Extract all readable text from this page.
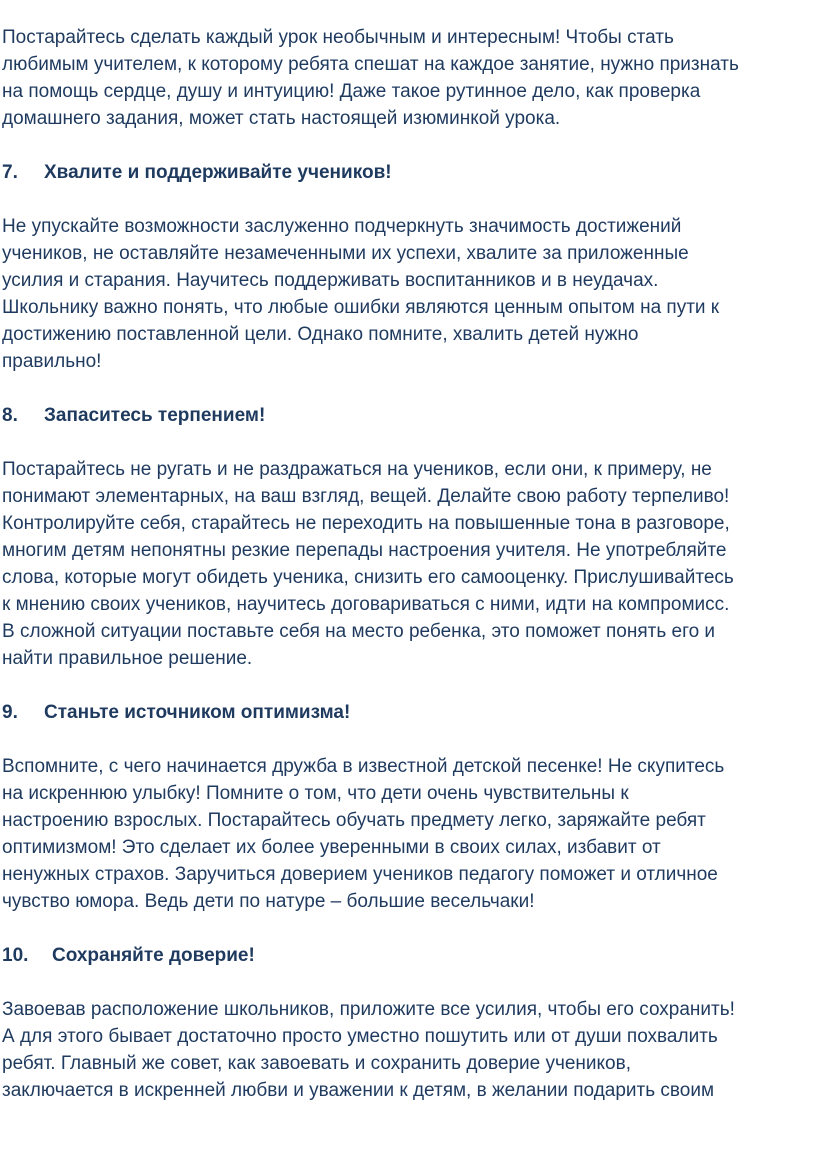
Постарайтесь сделать каждый урок необычным и интересным! Чтобы стать
любимым учителем, к которому ребята спешат на каждое занятие, нужно признать
на помощь сердце, душу и интуицию! Даже такое рутинное дело, как проверка
домашнего задания, может стать настоящей изюминкой урока.
7. Хвалите и поддерживайте учеников!
Не упускайте возможности заслуженно подчеркнуть значимость достижений
учеников, не оставляйте незамеченными их успехи, хвалите за приложенные
усилия и старания. Научитесь поддерживать воспитанников и в неудачах.
Школьнику важно понять, что любые ошибки являются ценным опытом на пути к
достижению поставленной цели. Однако помните, хвалить детей нужно
правильно!
8. Запаситесь терпением!
Постарайтесь не ругать и не раздражаться на учеников, если они, к примеру, не
понимают элементарных, на ваш взгляд, вещей. Делайте свою работу терпеливо!
Контролируйте себя, старайтесь не переходить на повышенные тона в разговоре,
многим детям непонятны резкие перепады настроения учителя. Не употребляйте
слова, которые могут обидеть ученика, снизить его самооценку. Прислушивайтесь
к мнению своих учеников, научитесь договариваться с ними, идти на компромисс.
В сложной ситуации поставьте себя на место ребенка, это поможет понять его и
найти правильное решение.
9. Станьте источником оптимизма!
Вспомните, с чего начинается дружба в известной детской песенке! Не скупитесь
на искреннюю улыбку! Помните о том, что дети очень чувствительны к
настроению взрослых. Постарайтесь обучать предмету легко, заряжайте ребят
оптимизмом! Это сделает их более уверенными в своих силах, избавит от
ненужных страхов. Заручиться доверием учеников педагогу поможет и отличное
чувство юмора. Ведь дети по натуре – большие весельчаки!
10. Сохраняйте доверие!
Завоевав расположение школьников, приложите все усилия, чтобы его сохранить!
А для этого бывает достаточно просто уместно пошутить или от души похвалить
ребят. Главный же совет, как завоевать и сохранить доверие учеников,
заключается в искренней любви и уважении к детям, в желании подарить своим
